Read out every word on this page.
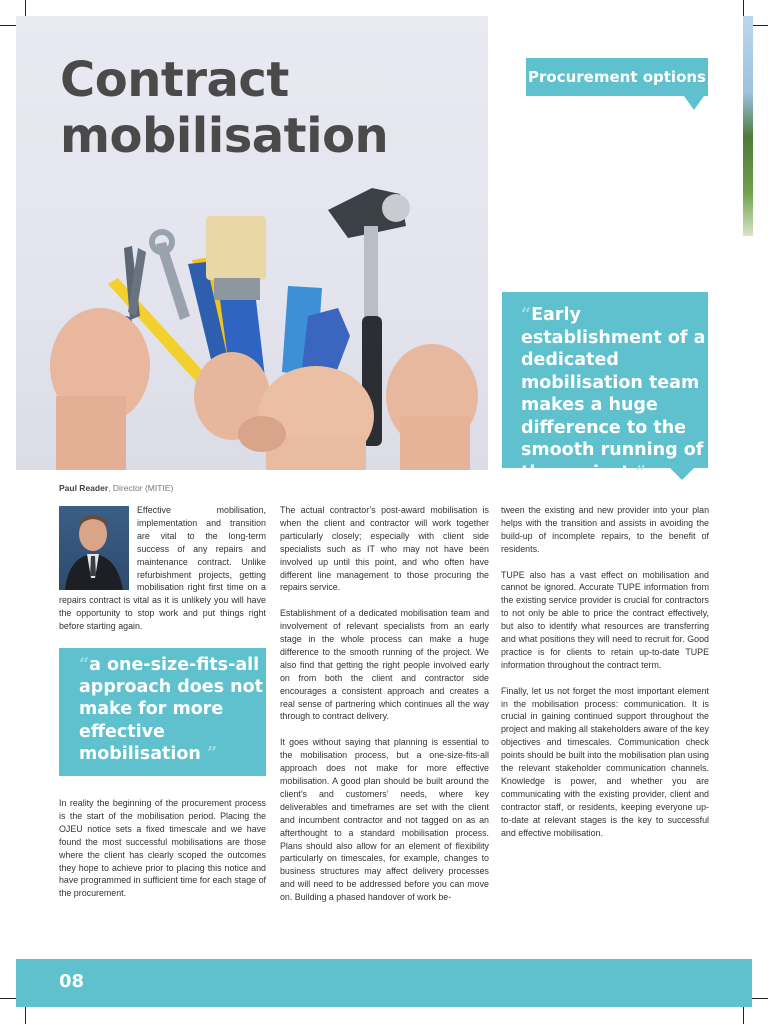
Contract
mobilisation
Procurement options
“Early establishment of a dedicated mobilisation team makes a huge difference to the smooth running of the project ”
Paul Reader, Director (MITIE)

Effective mobilisation, implementation and transition are vital to the long-term success of any repairs and maintenance contract. Unlike refurbishment projects, getting mobilisation right first time on a repairs contract is vital as it is unlikely you will have the opportunity to stop work and put things right before starting again.

“a one-size-fits-all approach does not make for more effective mobilisation ”

In reality the beginning of the procurement process is the start of the mobilisation period. Placing the OJEU notice sets a fixed timescale and we have found the most successful mobilisations are those where the client has clearly scoped the outcomes they hope to achieve prior to placing this notice and have programmed in sufficient time for each stage of the procurement.

The actual contractor’s post-award mobilisation is when the client and contractor will work together particularly closely; especially with client side specialists such as IT who may not have been involved up until this point, and who often have different line management to those procuring the repairs service.

Establishment of a dedicated mobilisation team and involvement of relevant specialists from an early stage in the whole process can make a huge difference to the smooth running of the project. We also find that getting the right people involved early on from both the client and contractor side encourages a consistent approach and creates a real sense of partnering which continues all the way through to contract delivery.

It goes without saying that planning is essential to the mobilisation process, but a one-size-fits-all approach does not make for more effective mobilisation. A good plan should be built around the client’s and customers’ needs, where key deliverables and timeframes are set with the client and incumbent contractor and not tagged on as an afterthought to a standard mobilisation process. Plans should also allow for an element of flexibility particularly on timescales, for example, changes to business structures may affect delivery processes and will need to be addressed before you can move on. Building a phased handover of work be-

tween the existing and new provider into your plan helps with the transition and assists in avoiding the build-up of incomplete repairs, to the benefit of residents.

TUPE also has a vast effect on mobilisation and cannot be ignored. Accurate TUPE information from the existing service provider is crucial for contractors to not only be able to price the contract effectively, but also to identify what resources are transferring and what positions they will need to recruit for. Good practice is for clients to retain up-to-date TUPE information throughout the contract term.

Finally, let us not forget the most important element in the mobilisation process: communication. It is crucial in gaining continued support throughout the project and making all stakeholders aware of the key objectives and timescales. Communication check points should be built into the mobilisation plan using the relevant stakeholder communication channels. Knowledge is power, and whether you are communicating with the existing provider, client and contractor staff, or residents, keeping everyone up-to-date at relevant stages is the key to successful and effective mobilisation.

08
